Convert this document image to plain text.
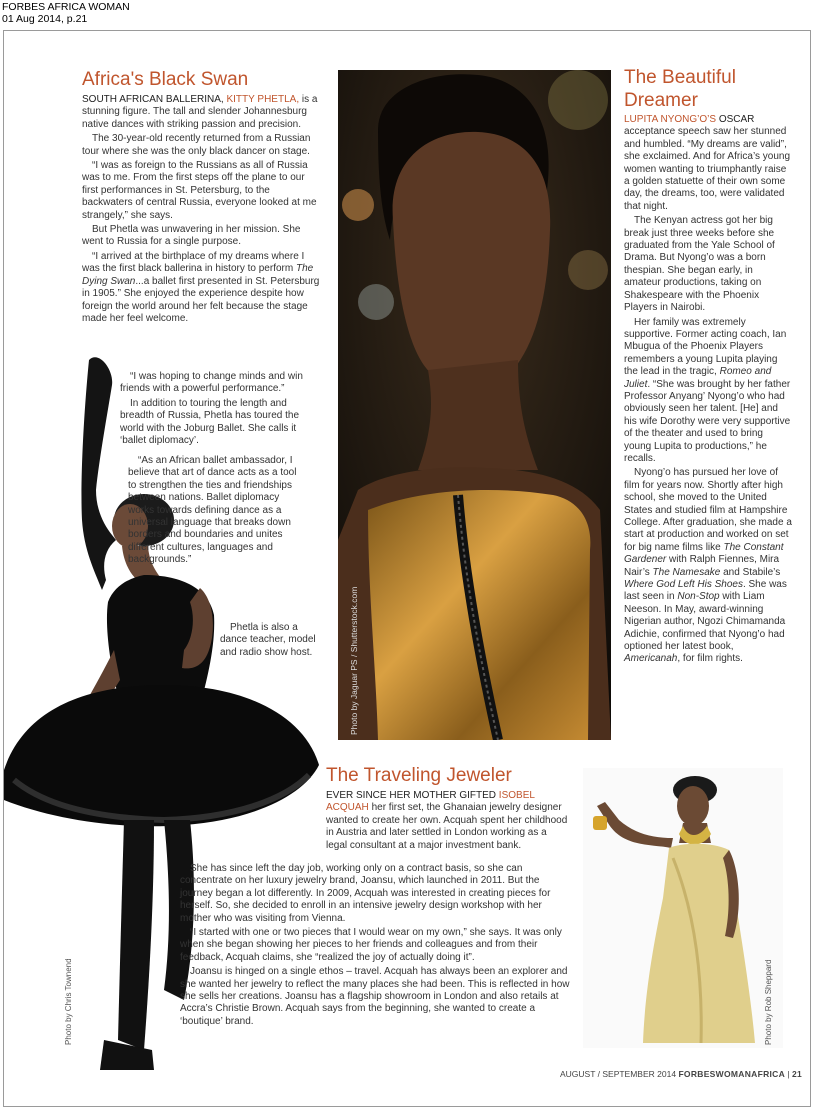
FORBES AFRICA WOMAN
01 Aug 2014, p.21
Photo by Chris Townend
Photo by Jaguar PS / Shutterstock.com
Photo by Rob Sheppard
Africa's Black Swan

SOUTH AFRICAN BALLERINA, KITTY PHETLA, is a stunning figure. The tall and slender Johannesburg native dances with striking passion and precision.

The 30-year-old recently returned from a Russian tour where she was the only black dancer on stage.

“I was as foreign to the Russians as all of Russia was to me. From the first steps off the plane to our first performances in St. Petersburg, to the backwaters of central Russia, everyone looked at me strangely,” she says.

But Phetla was unwavering in her mission. She went to Russia for a single purpose.

“I arrived at the birthplace of my dreams where I was the first black ballerina in history to perform The Dying Swan...a ballet first presented in St. Petersburg in 1905.” She enjoyed the experience despite how foreign the world around her felt because the stage made her feel welcome.

“I was hoping to change minds and win friends with a powerful performance.”

In addition to touring the length and breadth of Russia, Phetla has toured the world with the Joburg Ballet. She calls it ‘ballet diplomacy’.

“As an African ballet ambassador, I believe that art of dance acts as a tool to strengthen the ties and friendships between nations. Ballet diplomacy works towards defining dance as a universal language that breaks down borders and boundaries and unites different cultures, languages and backgrounds.”

Phetla is also a dance teacher, model and radio show host.

The Beautiful
Dreamer

LUPITA NYONG’O’S OSCAR acceptance speech saw her stunned and humbled. “My dreams are valid”, she exclaimed. And for Africa’s young women wanting to triumphantly raise a golden statuette of their own some day, the dreams, too, were validated that night.

The Kenyan actress got her big break just three weeks before she graduated from the Yale School of Drama. But Nyong’o was a born thespian. She began early, in amateur productions, taking on Shakespeare with the Phoenix Players in Nairobi.

Her family was extremely supportive. Former acting coach, Ian Mbugua of the Phoenix Players remembers a young Lupita playing the lead in the tragic, Romeo and Juliet. “She was brought by her father Professor Anyang’ Nyong’o who had obviously seen her talent. [He] and his wife Dorothy were very supportive of the theater and used to bring young Lupita to productions,” he recalls.

Nyong’o has pursued her love of film for years now. Shortly after high school, she moved to the United States and studied film at Hampshire College. After graduation, she made a start at production and worked on set for big name films like The Constant Gardener with Ralph Fiennes, Mira Nair’s The Namesake and Stabile’s Where God Left His Shoes. She was last seen in Non-Stop with Liam Neeson. In May, award-winning Nigerian author, Ngozi Chimamanda Adichie, confirmed that Nyong’o had optioned her latest book, Americanah, for film rights.

The Traveling Jeweler

EVER SINCE HER MOTHER GIFTED ISOBEL ACQUAH her first set, the Ghanaian jewelry designer wanted to create her own. Acquah spent her childhood in Austria and later settled in London working as a legal consultant at a major investment bank.

She has since left the day job, working only on a contract basis, so she can concentrate on her luxury jewelry brand, Joansu, which launched in 2011. But the journey began a lot differently. In 2009, Acquah was interested in creating pieces for herself. So, she decided to enroll in an intensive jewelry design workshop with her mother who was visiting from Vienna.

“I started with one or two pieces that I would wear on my own,” she says. It was only when she began showing her pieces to her friends and colleagues and from their feedback, Acquah claims, she “realized the joy of actually doing it”.

Joansu is hinged on a single ethos – travel. Acquah has always been an explorer and she wanted her jewelry to reflect the many places she had been. This is reflected in how she sells her creations. Joansu has a flagship showroom in London and also retails at Accra’s Christie Brown. Acquah says from the beginning, she wanted to create a ‘boutique’ brand.

AUGUST / SEPTEMBER 2014 FORBESWOMANAFRICA | 21
